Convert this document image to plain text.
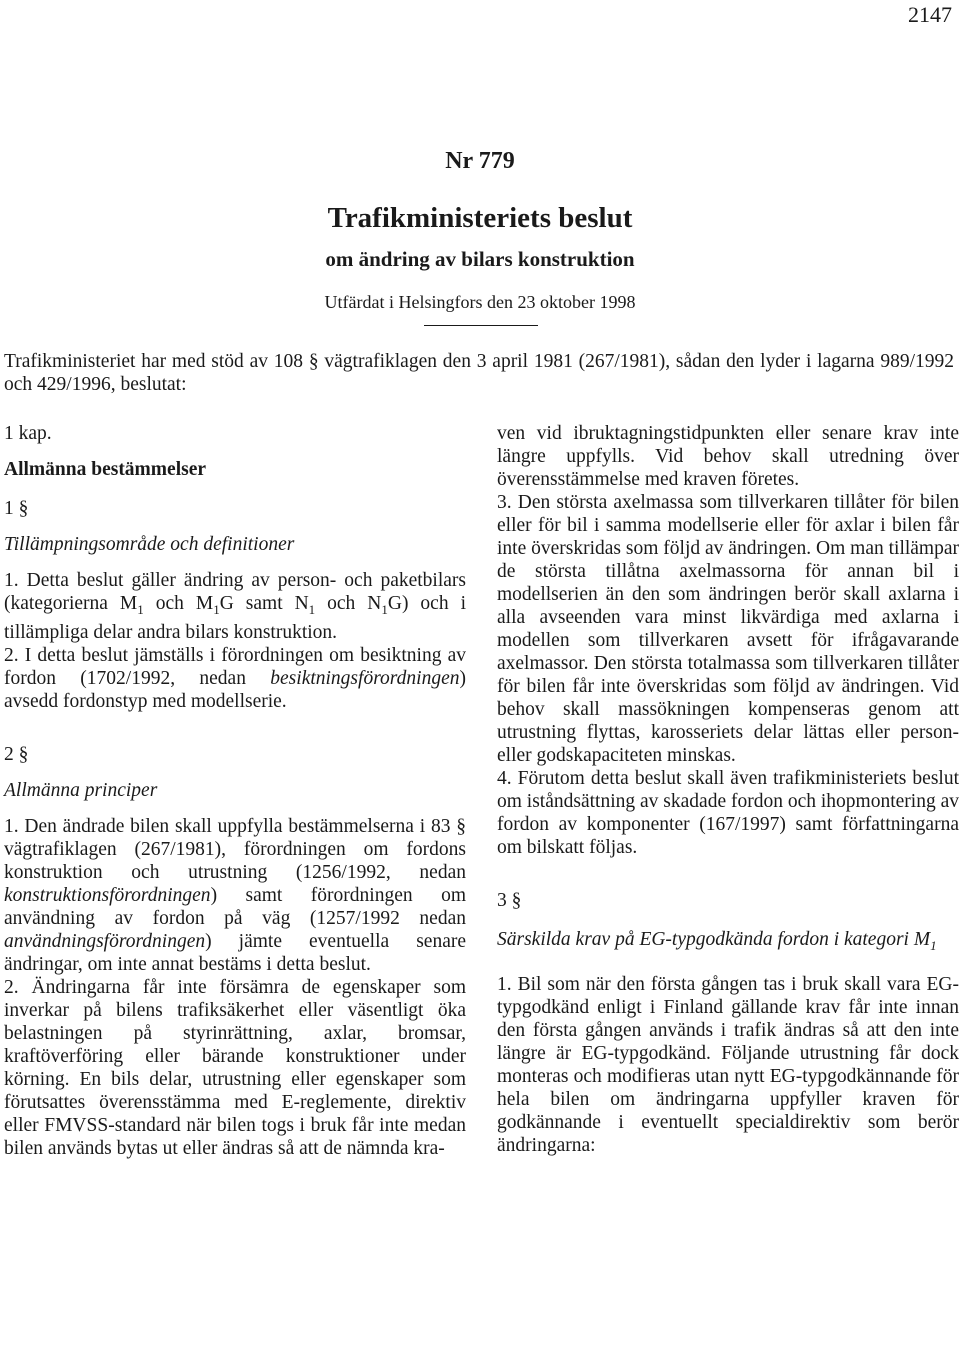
2147
Nr 779
Trafikministeriets beslut
om ändring av bilars konstruktion
Utfärdat i Helsingfors den 23 oktober 1998

Trafikministeriet har med stöd av 108 § vägtrafiklagen den 3 april 1981 (267/1981), sådan den lyder i lagarna 989/1992 och 429/1996, beslutat:

1 kap.

Allmänna bestämmelser

1 §

Tillämpningsområde och definitioner

1. Detta beslut gäller ändring av person- och paketbilars (kategorierna $M_1$ och $M_1G$ samt $N_1$ och $N_1G$) och i tillämpliga delar andra bilars konstruktion.

2. I detta beslut jämställs i förordningen om besiktning av fordon (1702/1992, nedan besiktningsförordningen) avsedd fordonstyp med modellserie.

2 §

Allmänna principer

1. Den ändrade bilen skall uppfylla bestämmelserna i 83 § vägtrafiklagen (267/1981), förordningen om fordons konstruktion och utrustning (1256/1992, nedan konstruktionsförordningen) samt förordningen om användning av fordon på väg (1257/1992 nedan användningsförordningen) jämte eventuella senare ändringar, om inte annat bestäms i detta beslut.

2. Ändringarna får inte försämra de egenskaper som inverkar på bilens trafiksäkerhet eller väsentligt öka belastningen på styrinrättning, axlar, bromsar, kraftöverföring eller bärande konstruktioner under körning. En bils delar, utrustning eller egenskaper som förutsattes överensstämma med E-reglemente, direktiv eller FMVSS-standard när bilen togs i bruk får inte medan bilen används bytas ut eller ändras så att de nämnda kra-

ven vid ibruktagningstidpunkten eller senare krav inte längre uppfylls. Vid behov skall utredning över överensstämmelse med kraven företes.

3. Den största axelmassa som tillverkaren tillåter för bilen eller för bil i samma modellserie eller för axlar i bilen får inte överskridas som följd av ändringen. Om man tillämpar de största tillåtna axelmassorna för annan bil i modellserien än den som ändringen berör skall axlarna i alla avseenden vara minst likvärdiga med axlarna i modellen som tillverkaren avsett för ifrågavarande axelmassor. Den största totalmassa som tillverkaren tillåter för bilen får inte överskridas som följd av ändringen. Vid behov skall massökningen kompenseras genom att utrustning flyttas, karosseriets delar lättas eller person- eller godskapaciteten minskas.

4. Förutom detta beslut skall även trafikministeriets beslut om iståndsättning av skadade fordon och ihopmontering av fordon av komponenter (167/1997) samt författningarna om bilskatt följas.

3 §

Särskilda krav på EG-typgodkända fordon i kategori $M_1$

1. Bil som när den första gången tas i bruk skall vara EG-typgodkänd enligt i Finland gällande krav får inte innan den första gången används i trafik ändras så att den inte längre är EG-typgodkänd. Följande utrustning får dock monteras och modifieras utan nytt EG-typgodkännande för hela bilen om ändringarna uppfyller kraven för godkännande i eventuellt specialdirektiv som berör ändringarna:
